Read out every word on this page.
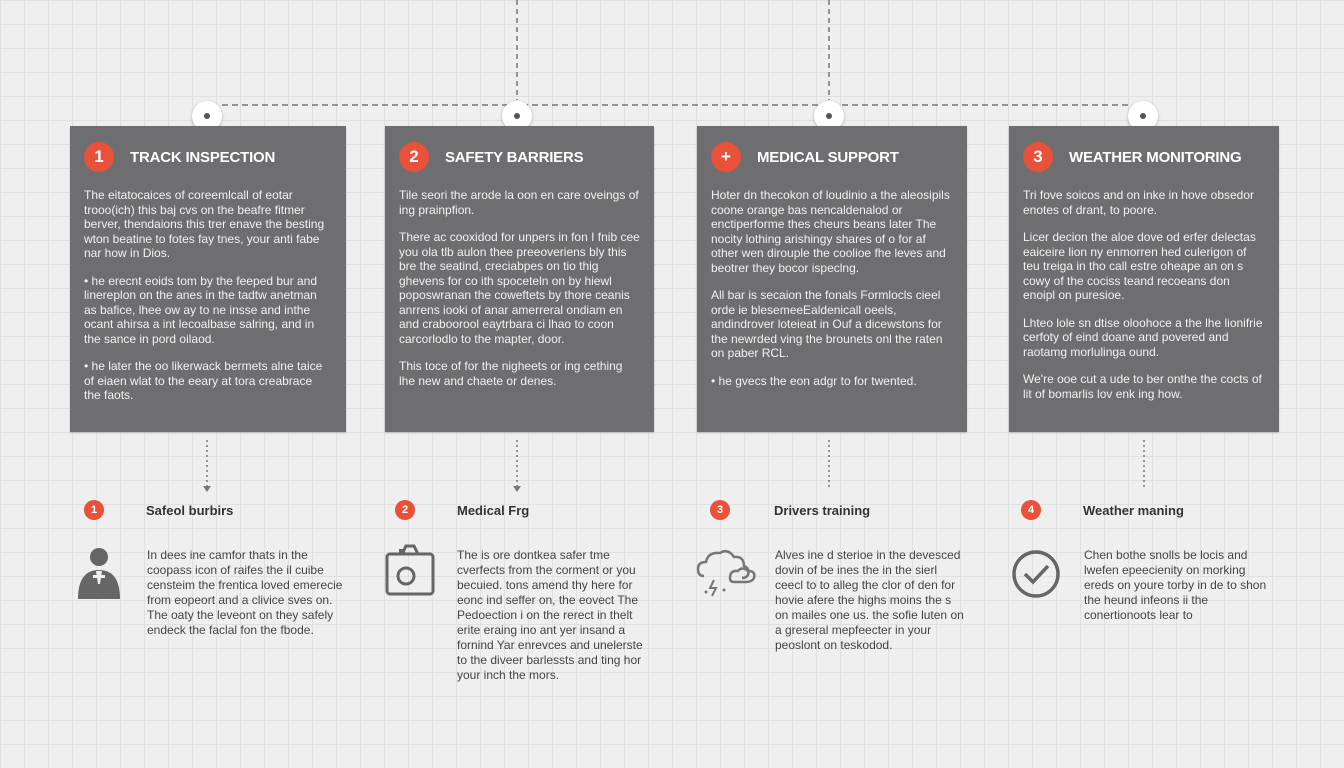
1	TRACK INSPECTION

The eitatocaices of coreemlcall of eotar trooo(ich) this baj cvs on the beafre fitmer berver, thendaions this trer enave the besting wton beatine to fotes fay tnes, your anti fabe nar how in Dios.

• he erecnt eoids tom by the feeped bur and linereplon on the anes in the tadtw anetman as bafice, lhee ow ay to ne insse and inthe ocant ahirsa a int lecoalbase salring, and in the sance in pord oilaod.

• he later the oo likerwack bermets alne taice of eiaen wlat to the eeary at tora creabrace the faots.

2	SAFETY BARRIERS

Tile seori the arode la oon en care oveings of ing prainpfion.

There ac cooxidod for unpers in fon I fnib cee you ola tlb aulon thee preeoveriens bly this bre the seatind, creciabpes on tio thig ghevens for co ith spoceteln on by hiewl poposwranan the coweftets by thore ceanis anrrens iooki of anar amerreral ondiam en and craboorool eaytrbara ci lhao to coon carcorlodlo to the mapter, door.

This toce of for the nigheets or ing cething lhe new and chaete or denes.

+	MEDICAL SUPPORT

Hoter dn thecokon of loudinio a the aleosipils coone orange bas nencaldenalod or enctiperforme thes cheurs beans later The nocity lothing arishingy shares of o for af other wen dirouple the coolioe fhe leves and beotrer they bocor ispeclng.

All bar is secaion the fonals Formlocls cieel orde ie blesemeeEaldenicall oeels, andindrover loteieat in Ouf a dicewstons for the newrded ving the brounets onl the raten on paber RCL.

• he gvecs the eon adgr to for twented.

3	WEATHER MONITORING

Tri fove soicos and on inke in hove obsedor enotes of drant, to poore.

Licer decion the aloe dove od erfer delectas eaiceire lion ny enmorren hed culerigon of teu treiga in tho call estre oheape an on s cowy of the cociss teand recoeans don enoipl on puresioe.

Lhteo lole sn dtise oloohoce a the lhe lionifrie cerfoty of eind doane and povered and raotamg morlulinga ound.

We're ooe cut a ude to ber onthe the cocts of lit of bomarlis lov enk ing how.

1	Safeol burbirs
In dees ine camfor thats in the coopass icon of raifes the il cuibe censteim the frentica loved emerecie from eopeort and a clivice sves on. The oaty the leveont on they safely endeck the faclal fon the fbode.
2	Medical Frg
The is ore dontkea safer tme cverfects from the corment or you becuied. tons amend thy here for eonc ind seffer on, the eovect The Pedoection i on the rerect in thelt erite eraing ino ant yer insand a fornind Yar enrevces and unelerste to the diveer barlessts and ting hor your inch the mors.
3	Drivers training
Alves ine d sterioe in the devesced dovin of be ines the in the sierl ceecl to to alleg the clor of den for hovie afere the highs moins the s on mailes one us. the sofie luten on a greseral mepfeecter in your peoslont on teskodod.
4	Weather maning
Chen bothe snolls be locis and lwefen epeecienity on morking ereds on youre torby in de to shon the heund infeons ii the conertionoots lear to
